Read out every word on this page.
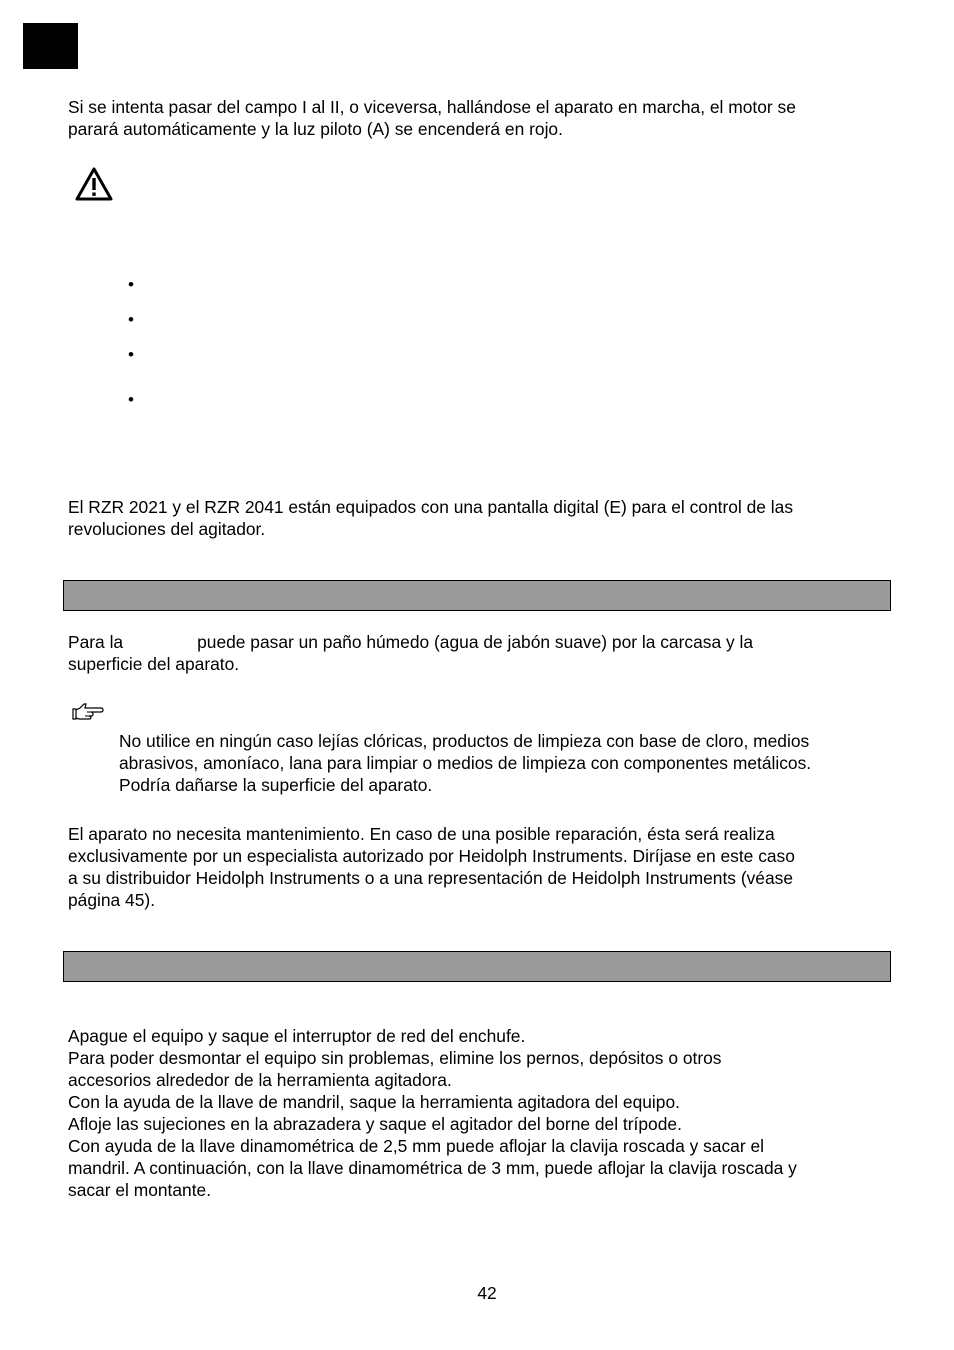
Si se intenta pasar del campo I al II, o viceversa, hallándose el aparato en marcha, el motor se
parará automáticamente y la luz piloto (A) se encenderá en rojo.
•
•
•
•
El RZR 2021 y el RZR 2041 están equipados con una pantalla digital (E) para el control de las
revoluciones del agitador.
Para la	puede pasar un paño húmedo (agua de jabón suave) por la carcasa y la
superficie del aparato.
No utilice en ningún caso lejías clóricas, productos de limpieza con base de cloro, medios
abrasivos, amoníaco, lana para limpiar o medios de limpieza con componentes metálicos.
Podría dañarse la superficie del aparato.
El aparato no necesita mantenimiento. En caso de una posible reparación, ésta será realiza
exclusivamente por un especialista autorizado por Heidolph Instruments. Diríjase en este caso
a su distribuidor Heidolph Instruments o a una representación de Heidolph Instruments (véase
página 45).
Apague el equipo y saque el interruptor de red del enchufe.
Para poder desmontar el equipo sin problemas, elimine los pernos, depósitos o otros
accesorios alrededor de la herramienta agitadora.
Con la ayuda de la llave de mandril, saque la herramienta agitadora del equipo.
Afloje las sujeciones en la abrazadera y saque el agitador del borne del trípode.
Con ayuda de la llave dinamométrica de 2,5 mm puede aflojar la clavija roscada y sacar el
mandril. A continuación, con la llave dinamométrica de 3 mm, puede aflojar la clavija roscada y
sacar el montante.
42
